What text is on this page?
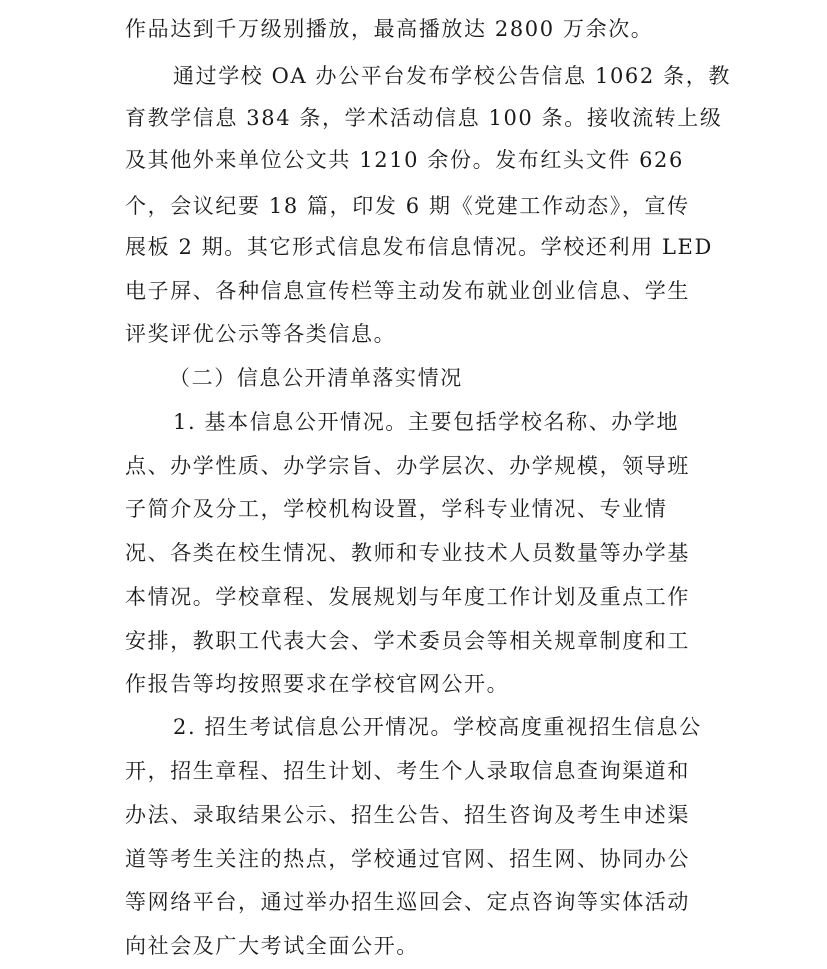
作品达到千万级别播放，最高播放达 2800 万余次。
通过学校 OA 办公平台发布学校公告信息 1062 条，教
育教学信息 384 条，学术活动信息 100 条。接收流转上级
及其他外来单位公文共 1210 余份。发布红头文件 626
个，会议纪要 18 篇，印发 6 期《党建工作动态》，宣传
展板 2 期。其它形式信息发布信息情况。学校还利用 LED
电子屏、各种信息宣传栏等主动发布就业创业信息、学生
评奖评优公示等各类信息。
（二）信息公开清单落实情况
1. 基本信息公开情况。主要包括学校名称、办学地
点、办学性质、办学宗旨、办学层次、办学规模，领导班
子简介及分工，学校机构设置，学科专业情况、专业情
况、各类在校生情况、教师和专业技术人员数量等办学基
本情况。学校章程、发展规划与年度工作计划及重点工作
安排，教职工代表大会、学术委员会等相关规章制度和工
作报告等均按照要求在学校官网公开。
2. 招生考试信息公开情况。学校高度重视招生信息公
开，招生章程、招生计划、考生个人录取信息查询渠道和
办法、录取结果公示、招生公告、招生咨询及考生申述渠
道等考生关注的热点，学校通过官网、招生网、协同办公
等网络平台，通过举办招生巡回会、定点咨询等实体活动
向社会及广大考试全面公开。
